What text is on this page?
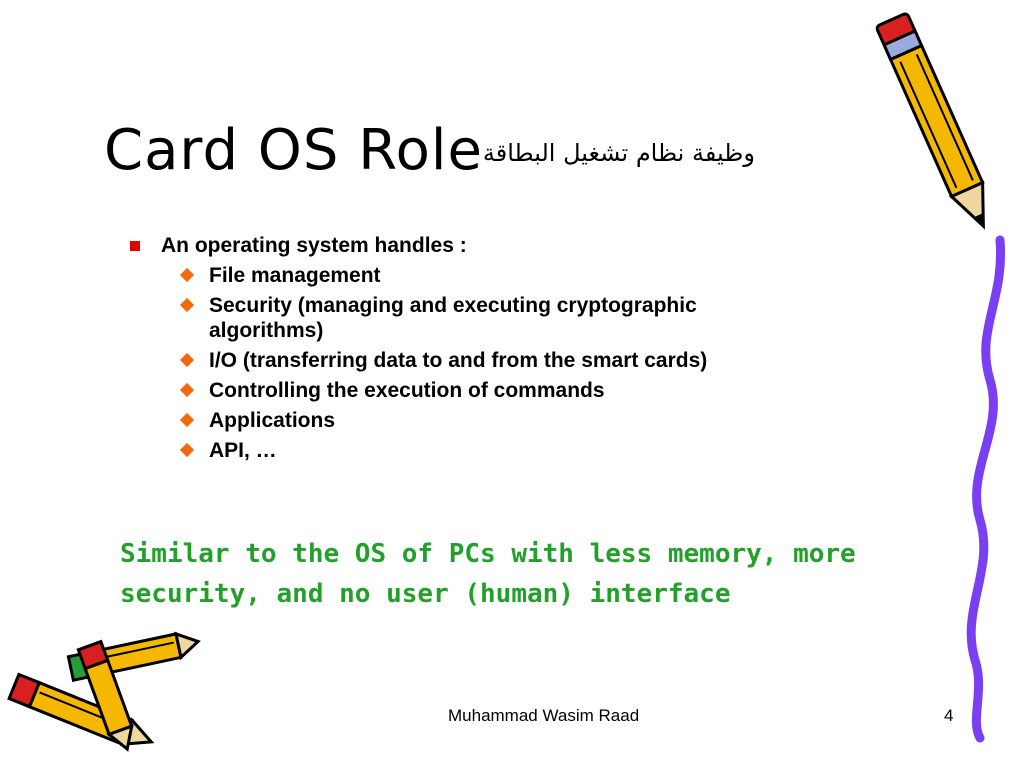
Card OS Roleوظيفة نظام تشغيل البطاقة
An operating system handles :
File management
Security (managing and executing cryptographic algorithms)
I/O (transferring data to and from the smart cards)
Controlling the execution of commands
Applications
API, …
Similar to the OS of PCs with less memory, more security, and no user (human) interface
Muhammad Wasim Raad	4
